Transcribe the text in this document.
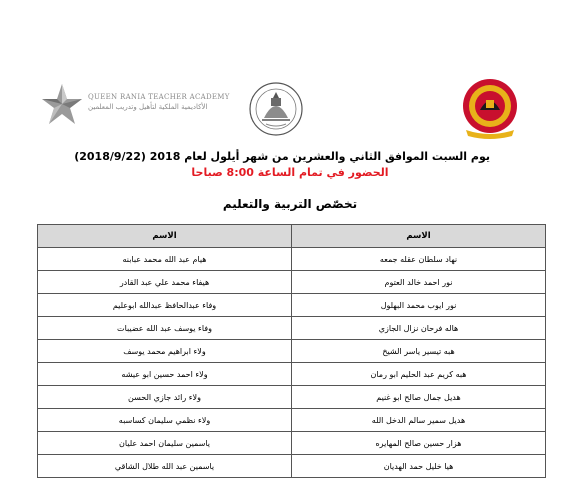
QUEEN RANIA TEACHER ACADEMY
الأكاديمية الملكية لتأهيل وتدريب المعلمين
يوم السبت الموافق الثاني والعشرين من شهر أيلول لعام 2018 (2018/9/22)
الحضور في تمام الساعة 8:00 صباحا
تخصّص التربية والتعليم
الاسم	الاسم
نهاد سلطان عقله جمعه	هيام عبد الله محمد عبابنه
نور احمد خالد العتوم	هيفاء محمد علي عبد القادر
نور ايوب محمد البهلول	وفاء عبدالحافظ عبدالله ابوعليم
هاله فرحان نزال الجازي	وفاء يوسف عبد الله عضيبات
هبه تيسير ياسر الشيخ	ولاء ابراهيم محمد يوسف
هبه كريم عبد الحليم ابو رمان	ولاء احمد حسين ابو عيشه
هديل جمال صالح ابو غنيم	ولاء رائد جازي الحسن
هديل سمير سالم الدخل الله	ولاء نظمي سليمان كساسبه
هزار حسين صالح المهايره	ياسمين سليمان احمد عليان
هيا خليل حمد الهديان	ياسمين عبد الله طلال الشاقي
